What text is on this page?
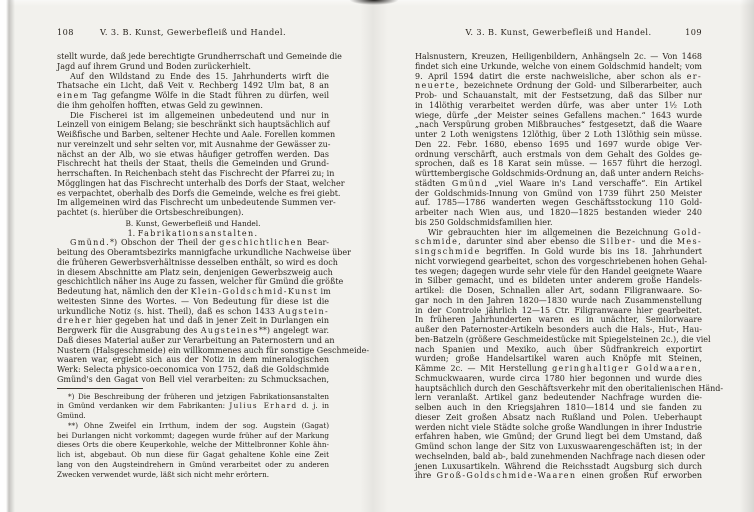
108	V. 3. B. Kunst, Gewerbefleiß und Handel.
stellt wurde, daß jede berechtigte Grundherrschaft und Gemeinde die
Jagd auf ihrem Grund und Boden zurückerhielt.
Auf den Wildstand zu Ende des 15. Jahrhunderts wirft die
Thatsache ein Licht, daß Veit v. Rechberg 1492 Ulm bat, 8 an
einem Tag gefangme Wölfe in die Stadt führen zu dürfen, weil
die ihm geholfen hofften, etwas Geld zu gewinnen.
Die Fischerei ist im allgemeinen unbedeutend und nur in
Leinzell von einigem Belang; sie beschränkt sich hauptsächlich auf
Weißfische und Barben, seltener Hechte und Aale. Forellen kommen
nur vereinzelt und sehr selten vor, mit Ausnahme der Gewässer zu-
nächst an der Alb, wo sie etwas häufiger getroffen werden. Das
Fischrecht hat theils der Staat, theils die Gemeinden und Grund-
herrschaften. In Reichenbach steht das Fischrecht der Pfarrei zu; in
Mögglingen hat das Fischrecht unterhalb des Dorfs der Staat, welcher
es verpachtet, oberhalb des Dorfs die Gemeinde, welche es frei giebt.
Im allgemeinen wird das Fischrecht um unbedeutende Summen ver-
pachtet (s. hierüber die Ortsbeschreibungen).
B. Kunst, Gewerbefleiß und Handel.
1. Fabrikationsanstalten.
Gmünd.*) Obschon der Theil der geschichtlichen Bear-
beitung des Oberamtsbezirks mannigfache urkundliche Nachweise über
die früheren Gewerbsverhältnisse desselben enthält, so wird es doch
in diesem Abschnitte am Platz sein, denjenigen Gewerbszweig auch
geschichtlich näher ins Auge zu fassen, welcher für Gmünd die größte
Bedeutung hat, nämlich den der Klein-Goldschmid-Kunst im
weitesten Sinne des Wortes. — Von Bedeutung für diese ist die
urkundliche Notiz (s. hist. Theil), daß es schon 1433 Augstein-
dreher hier gegeben hat und daß in jener Zeit in Durlangen ein
Bergwerk für die Ausgrabung des Augsteines**) angelegt war.
Daß dieses Material außer zur Verarbeitung an Paternostern und an
Nustern (Halsgeschmeide) ein willkommenes auch für sonstige Geschmeide-
waaren war, ergiebt sich aus der Notiz in dem mineralogischen
Werk: Selecta physico-oeconomica von 1752, daß die Goldschmide
Gmünd's den Gagat von Bell viel verarbeiten: zu Schmucksachen,
*) Die Beschreibung der früheren und jetzigen Fabrikationsanstalten
in Gmünd verdanken wir dem Fabrikanten: Julius Erhard d. j. in
Gmünd.
**) Ohne Zweifel ein Irrthum, indem der sog. Augstein (Gagat)
bei Durlangen nicht vorkommt; dagegen wurde früher auf der Markung
dieses Orts die obere Keuperkohle, welche der Mittelbronner Kohle ähn-
lich ist, abgebaut. Ob nun diese für Gagat gehaltene Kohle eine Zeit
lang von den Augsteindrehern in Gmünd verarbeitet oder zu anderen
Zwecken verwendet wurde, läßt sich nicht mehr erörtern.
V. 3. B. Kunst, Gewerbefleiß und Handel.	109
Halsnustern, Kreuzen, Heiligenbildern, Anhängseln 2c. — Von 1468
findet sich eine Urkunde, welche von einem Goldschmid handelt; vom
9. April 1594 datirt die erste nachweisliche, aber schon als er-
neuerte, bezeichnete Ordnung der Gold- und Silberarbeiter, auch
Prob- und Schauanstalt, mit der Festsetzung, daß das Silber nur
in 14löthig verarbeitet werden dürfe, was aber unter 1½ Loth
wiege, dürfe „der Meister seines Gefallens machen.“ 1643 wurde
„nach Verspürung groben Mißbrauches“ festgesetzt, daß die Waare
unter 2 Loth wenigstens 12löthig, über 2 Loth 13löthig sein müsse.
Den 22. Febr. 1680, ebenso 1695 und 1697 wurde obige Ver-
ordnung verschärft, auch erstmals von dem Gehalt des Goldes ge-
sprochen, daß es 18 Karat sein müsse. — 1657 führt die herzogl.
württembergische Goldschmids-Ordnung an, daß unter andern Reichs-
städten Gmünd „viel Waare in's Land verschaffe“. Ein Artikel
der Goldschmids-Innung von Gmünd von 1739 führt 250 Meister
auf. 1785—1786 wanderten wegen Geschäftsstockung 110 Gold-
arbeiter nach Wien aus, und 1820—1825 bestanden wieder 240
bis 250 Goldschmidsfamilien hier.
Wir gebrauchten hier im allgemeinen die Bezeichnung Gold-
schmide, darunter sind aber ebenso die Silber- und die Mes-
singschmide begriffen. In Gold wurde bis ins 18. Jahrhundert
nicht vorwiegend gearbeitet, schon des vorgeschriebenen hohen Gehal-
tes wegen; dagegen wurde sehr viele für den Handel geeignete Waare
in Silber gemacht, und es bildeten unter anderem große Handels-
artikel: die Dosen, Schnallen aller Art, sodann Filigranwaare. So-
gar noch in den Jahren 1820—1830 wurde nach Zusammenstellung
in der Controle jährlich 12—15 Ctr. Filigranwaare hier gearbeitet.
In früheren Jahrhunderten waren es in unächter, Semilorwaare
außer den Paternoster-Artikeln besonders auch die Hals-, Hut-, Hau-
ben-Batzeln (größere Geschmeidestücke mit Spiegelsteinen 2c.), die viel
nach Spanien und Mexiko, auch über Südfrankreich exportirt
wurden; große Handelsartikel waren auch Knöpfe mit Steinen,
Kämme 2c. — Mit Herstellung geringhaltiger Goldwaaren,
Schmuckwaaren, wurde circa 1780 hier begonnen und wurde dies
hauptsächlich durch den Geschäftsverkehr mit den oberitalienischen Händ-
lern veranlaßt. Artikel ganz bedeutender Nachfrage wurden die-
selben auch in den Kriegsjahren 1810—1814 und sie fanden zu
dieser Zeit großen Absatz nach Rußland und Polen. Ueberhaupt
werden nicht viele Städte solche große Wandlungen in ihrer Industrie
erfahren haben, wie Gmünd; der Grund liegt bei dem Umstand, daß
Gmünd schon lange der Sitz von Luxuswaarengeschäften ist; in der
wechselnden, bald ab-, bald zunehmenden Nachfrage nach diesen oder
jenen Luxusartikeln. Während die Reichsstadt Augsburg sich durch
ihre Groß-Goldschmide-Waaren einen großen Ruf erworben
